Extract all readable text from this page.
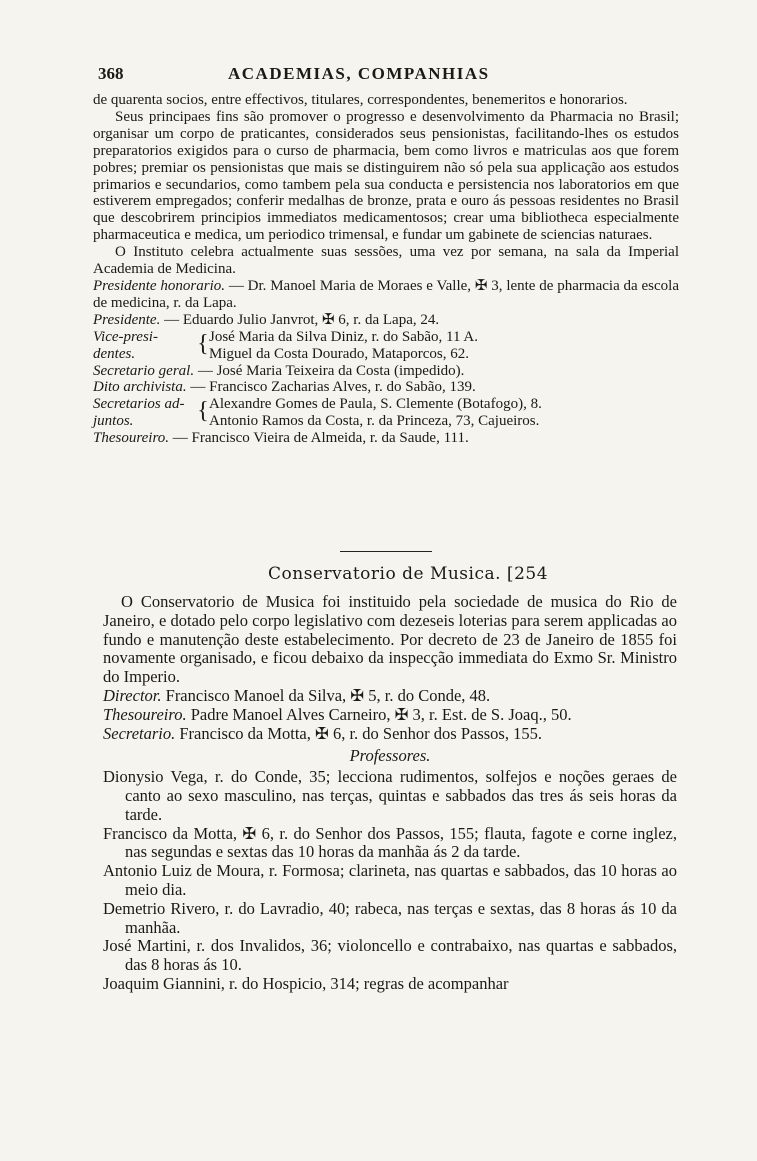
368	ACADEMIAS, COMPANHIAS

de quarenta socios, entre effectivos, titulares, correspondentes, benemeritos e honorarios.

Seus principaes fins são promover o progresso e desenvolvimento da Pharmacia no Brasil; organisar um corpo de praticantes, considerados seus pensionistas, facilitando-lhes os estudos preparatorios exigidos para o curso de pharmacia, bem como livros e matriculas aos que forem pobres; premiar os pensionistas que mais se distinguirem não só pela sua applicação aos estudos primarios e secundarios, como tambem pela sua conducta e persistencia nos laboratorios em que estiverem empregados; conferir medalhas de bronze, prata e ouro ás pessoas residentes no Brasil que descobrirem principios immediatos medicamentosos; crear uma bibliotheca especialmente pharmaceutica e medica, um periodico trimensal, e fundar um gabinete de sciencias naturaes.

O Instituto celebra actualmente suas sessões, uma vez por semana, na sala da Imperial Academia de Medicina.

Presidente honorario. — Dr. Manoel Maria de Moraes e Valle, ✠ 3, lente de pharmacia da escola de medicina, r. da Lapa.

Presidente. — Eduardo Julio Janvrot, ✠ 6, r. da Lapa, 24.

Vice-presi-
dentes.	{ José Maria da Silva Diniz, r. do Sabão, 11 A.
Miguel da Costa Dourado, Mataporcos, 62.

Secretario geral. — José Maria Teixeira da Costa (impedido).

Dito archivista. — Francisco Zacharias Alves, r. do Sabão, 139.

Secretarios ad-
juntos.	{ Alexandre Gomes de Paula, S. Clemente (Botafogo), 8.
Antonio Ramos da Costa, r. da Princeza, 73, Cajueiros.

Thesoureiro. — Francisco Vieira de Almeida, r. da Saude, 111.

Conservatorio de Musica. [254

O Conservatorio de Musica foi instituido pela sociedade de musica do Rio de Janeiro, e dotado pelo corpo legislativo com dezeseis loterias para serem applicadas ao fundo e manutenção deste estabelecimento. Por decreto de 23 de Janeiro de 1855 foi novamente organisado, e ficou debaixo da inspecção immediata do Exmo Sr. Ministro do Imperio.

Director. Francisco Manoel da Silva, ✠ 5, r. do Conde, 48.

Thesoureiro. Padre Manoel Alves Carneiro, ✠ 3, r. Est. de S. Joaq., 50.

Secretario. Francisco da Motta, ✠ 6, r. do Senhor dos Passos, 155.

Professores.

Dionysio Vega, r. do Conde, 35; lecciona rudimentos, solfejos e noções geraes de canto ao sexo masculino, nas terças, quintas e sabbados das tres ás seis horas da tarde.

Francisco da Motta, ✠ 6, r. do Senhor dos Passos, 155; flauta, fagote e corne inglez, nas segundas e sextas das 10 horas da manhãa ás 2 da tarde.

Antonio Luiz de Moura, r. Formosa; clarineta, nas quartas e sabbados, das 10 horas ao meio dia.

Demetrio Rivero, r. do Lavradio, 40; rabeca, nas terças e sextas, das 8 horas ás 10 da manhãa.

José Martini, r. dos Invalidos, 36; violoncello e contrabaixo, nas quartas e sabbados, das 8 horas ás 10.

Joaquim Giannini, r. do Hospicio, 314; regras de acompanhar
